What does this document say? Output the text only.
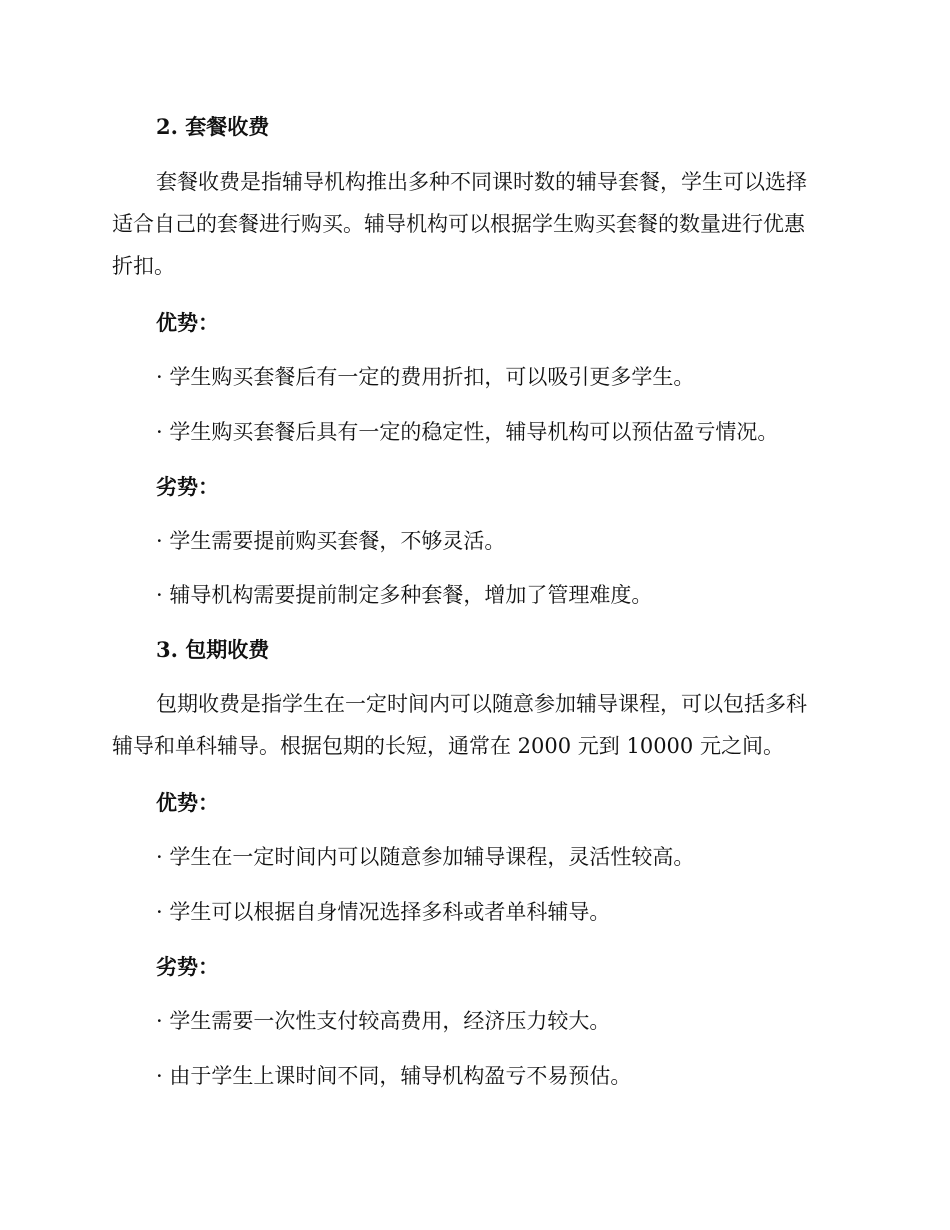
2. 套餐收费
套餐收费是指辅导机构推出多种不同课时数的辅导套餐，学生可以选择
适合自己的套餐进行购买。辅导机构可以根据学生购买套餐的数量进行优惠
折扣。
优势：
· 学生购买套餐后有一定的费用折扣，可以吸引更多学生。
· 学生购买套餐后具有一定的稳定性，辅导机构可以预估盈亏情况。
劣势：
· 学生需要提前购买套餐，不够灵活。
· 辅导机构需要提前制定多种套餐，增加了管理难度。
3. 包期收费
包期收费是指学生在一定时间内可以随意参加辅导课程，可以包括多科
辅导和单科辅导。根据包期的长短，通常在 2000 元到 10000 元之间。
优势：
· 学生在一定时间内可以随意参加辅导课程，灵活性较高。
· 学生可以根据自身情况选择多科或者单科辅导。
劣势：
· 学生需要一次性支付较高费用，经济压力较大。
· 由于学生上课时间不同，辅导机构盈亏不易预估。
